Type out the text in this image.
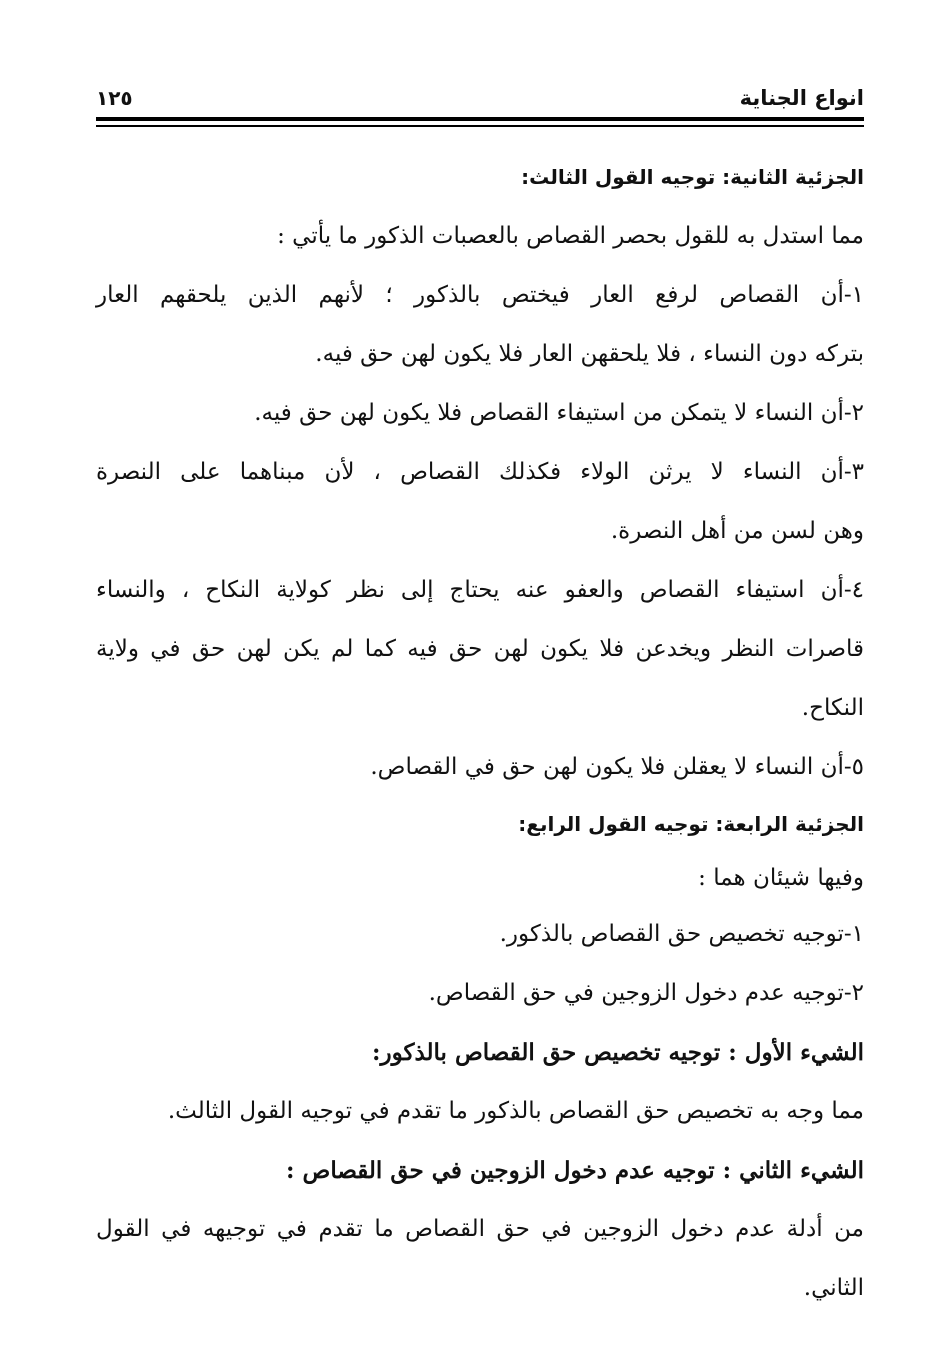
انواع الجناية
١٢٥
الجزئية الثانية: توجيه القول الثالث:
مما استدل به للقول بحصر القصاص بالعصبات الذكور ما يأتي :
١-أن القصاص لرفع العار فيختص بالذكور ؛ لأنهم الذين يلحقهم العار
بتركه دون النساء ، فلا يلحقهن العار فلا يكون لهن حق فيه.
٢-أن النساء لا يتمكن من استيفاء القصاص فلا يكون لهن حق فيه.
٣-أن النساء لا يرثن الولاء فكذلك القصاص ، لأن مبناهما على النصرة
وهن لسن من أهل النصرة.
٤-أن استيفاء القصاص والعفو عنه يحتاج إلى نظر كولاية النكاح ، والنساء
قاصرات النظر ويخدعن فلا يكون لهن حق فيه كما لم يكن لهن حق في ولاية
النكاح.
٥-أن النساء لا يعقلن فلا يكون لهن حق في القصاص.
الجزئية الرابعة: توجيه القول الرابع:
وفيها شيئان هما :
١-توجيه تخصيص حق القصاص بالذكور.
٢-توجيه عدم دخول الزوجين في حق القصاص.
الشيء الأول : توجيه تخصيص حق القصاص بالذكور:
مما وجه به تخصيص حق القصاص بالذكور ما تقدم في توجيه القول الثالث.
الشيء الثاني : توجيه عدم دخول الزوجين في حق القصاص :
من أدلة عدم دخول الزوجين في حق القصاص ما تقدم في توجيهه في القول
الثاني.
